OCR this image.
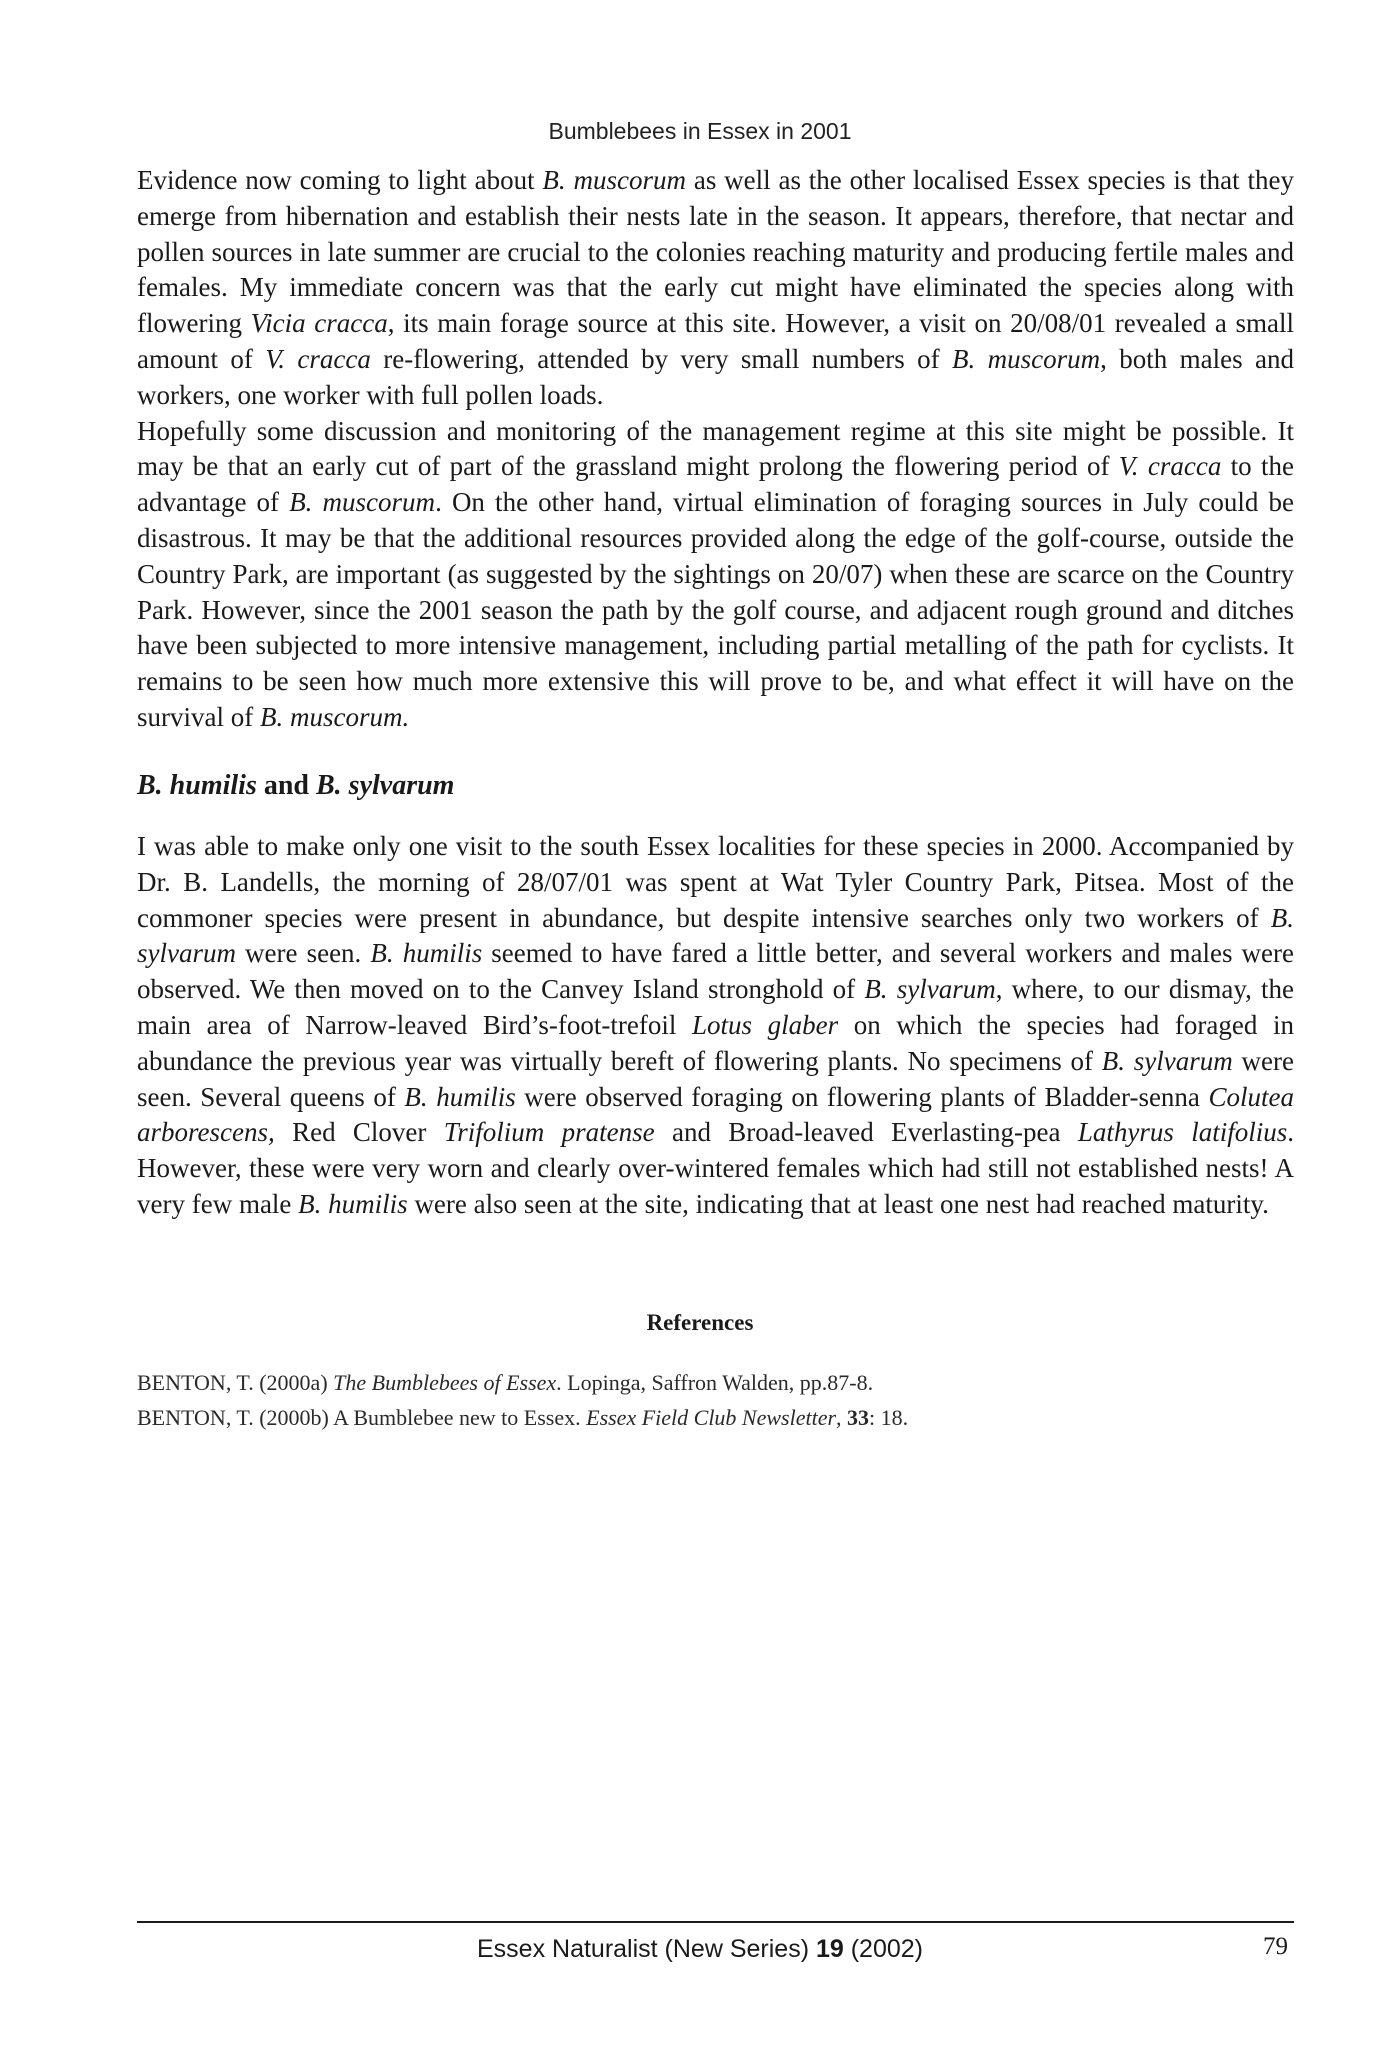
Bumblebees in Essex in 2001

Evidence now coming to light about B. muscorum as well as the other localised Essex species is that they emerge from hibernation and establish their nests late in the season. It appears, therefore, that nectar and pollen sources in late summer are crucial to the colonies reaching maturity and producing fertile males and females. My immediate concern was that the early cut might have eliminated the species along with flowering Vicia cracca, its main forage source at this site. However, a visit on 20/08/01 revealed a small amount of V. cracca re-flowering, attended by very small numbers of B. muscorum, both males and workers, one worker with full pollen loads.

Hopefully some discussion and monitoring of the management regime at this site might be possible. It may be that an early cut of part of the grassland might prolong the flowering period of V. cracca to the advantage of B. muscorum. On the other hand, virtual elimination of foraging sources in July could be disastrous. It may be that the additional resources provided along the edge of the golf-course, outside the Country Park, are important (as suggested by the sightings on 20/07) when these are scarce on the Country Park. However, since the 2001 season the path by the golf course, and adjacent rough ground and ditches have been subjected to more intensive management, including partial metalling of the path for cyclists. It remains to be seen how much more extensive this will prove to be, and what effect it will have on the survival of B. muscorum.

B. humilis and B. sylvarum

I was able to make only one visit to the south Essex localities for these species in 2000. Accompanied by Dr. B. Landells, the morning of 28/07/01 was spent at Wat Tyler Country Park, Pitsea. Most of the commoner species were present in abundance, but despite intensive searches only two workers of B. sylvarum were seen. B. humilis seemed to have fared a little better, and several workers and males were observed. We then moved on to the Canvey Island stronghold of B. sylvarum, where, to our dismay, the main area of Narrow-leaved Bird’s-foot-trefoil Lotus glaber on which the species had foraged in abundance the previous year was virtually bereft of flowering plants. No specimens of B. sylvarum were seen. Several queens of B. humilis were observed foraging on flowering plants of Bladder-senna Colutea arborescens, Red Clover Trifolium pratense and Broad-leaved Everlasting-pea Lathyrus latifolius. However, these were very worn and clearly over-wintered females which had still not established nests! A very few male B. humilis were also seen at the site, indicating that at least one nest had reached maturity.

References

BENTON, T. (2000a) The Bumblebees of Essex. Lopinga, Saffron Walden, pp.87-8.

BENTON, T. (2000b) A Bumblebee new to Essex. Essex Field Club Newsletter, 33: 18.

Essex Naturalist (New Series) 19 (2002)	79
